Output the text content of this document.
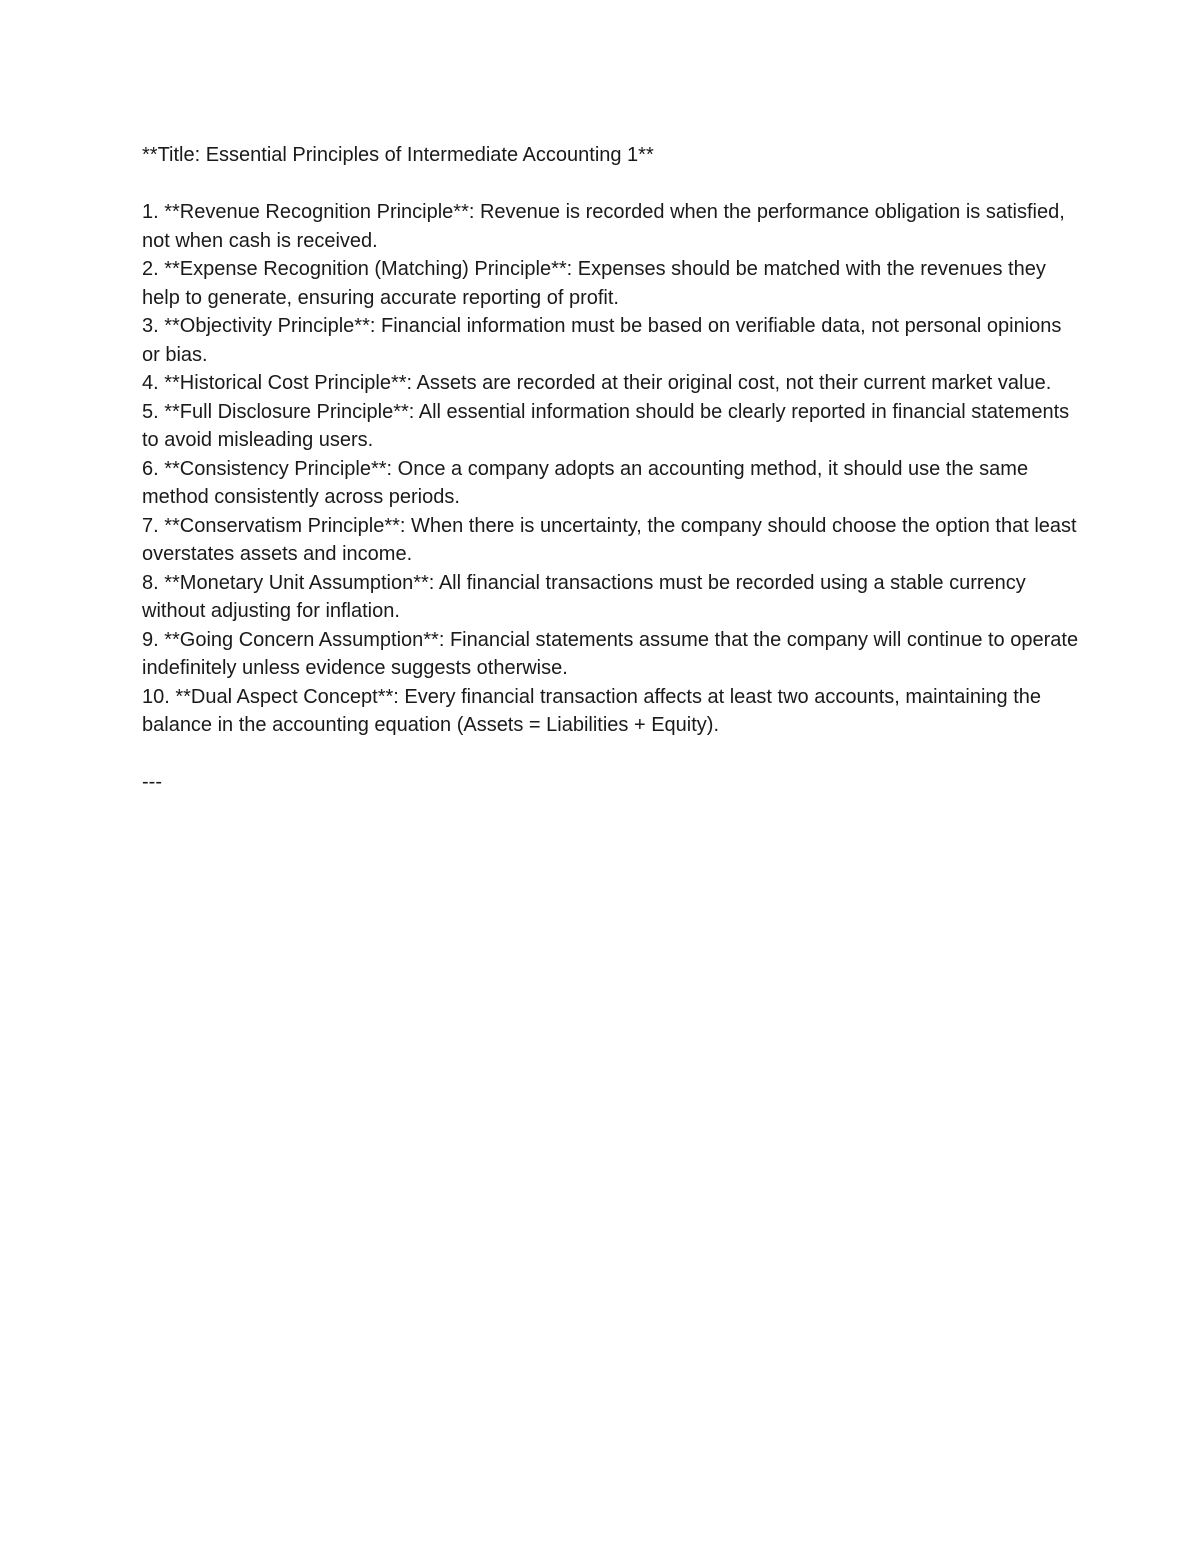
**Title: Essential Principles of Intermediate Accounting 1**

1. **Revenue Recognition Principle**: Revenue is recorded when the performance obligation is satisfied, not when cash is received.
2. **Expense Recognition (Matching) Principle**: Expenses should be matched with the revenues they help to generate, ensuring accurate reporting of profit.
3. **Objectivity Principle**: Financial information must be based on verifiable data, not personal opinions or bias.
4. **Historical Cost Principle**: Assets are recorded at their original cost, not their current market value.
5. **Full Disclosure Principle**: All essential information should be clearly reported in financial statements to avoid misleading users.
6. **Consistency Principle**: Once a company adopts an accounting method, it should use the same method consistently across periods.
7. **Conservatism Principle**: When there is uncertainty, the company should choose the option that least overstates assets and income.
8. **Monetary Unit Assumption**: All financial transactions must be recorded using a stable currency without adjusting for inflation.
9. **Going Concern Assumption**: Financial statements assume that the company will continue to operate indefinitely unless evidence suggests otherwise.
10. **Dual Aspect Concept**: Every financial transaction affects at least two accounts, maintaining the balance in the accounting equation (Assets = Liabilities + Equity).
---
